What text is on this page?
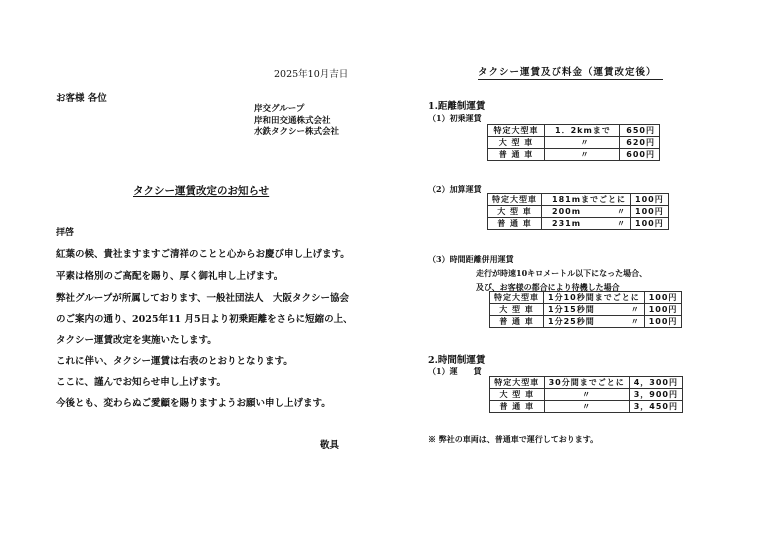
2025年10月吉日
お客様 各位
岸交グループ
岸和田交通株式会社
水鉄タクシー株式会社
タクシー運賃改定のお知らせ
拝啓
紅葉の候、貴社ますますご清祥のことと心からお慶び申し上げます。
平素は格別のご高配を賜り、厚く御礼申し上げます。
弊社グループが所属しております、一般社団法人　大阪タクシー協会
のご案内の通り、2025年11 月5日より初乗距離をさらに短縮の上、
タクシー運賃改定を実施いたします。
これに伴い、タクシー運賃は右表のとおりとなります。
ここに、謹んでお知らせ申し上げます。
今後とも、変わらぬご愛顧を賜りますようお願い申し上げます。
敬具
タクシー運賃及び料金（運賃改定後）
1.距離制運賃
（1）初乗運賃
特定大型車	1．2kmまで	650円
大 型 車	〃	620円
普 通 車	〃	600円
（2）加算運賃
特定大型車	181mまでごとに	100円
大 型 車	200m 〃	100円
普 通 車	231m 〃	100円
（3）時間距離併用運賃
走行が時速10キロメートル以下になった場合、
及び、お客様の都合により待機した場合
特定大型車	1分10秒間までごとに	100円
大 型 車	1分15秒間 〃	100円
普 通 車	1分25秒間 〃	100円
2.時間制運賃
（1）運　　賃
特定大型車	30分間までごとに	4，300円
大 型 車	〃	3，900円
普 通 車	〃	3，450円
※ 弊社の車両は、普通車で運行しております。
